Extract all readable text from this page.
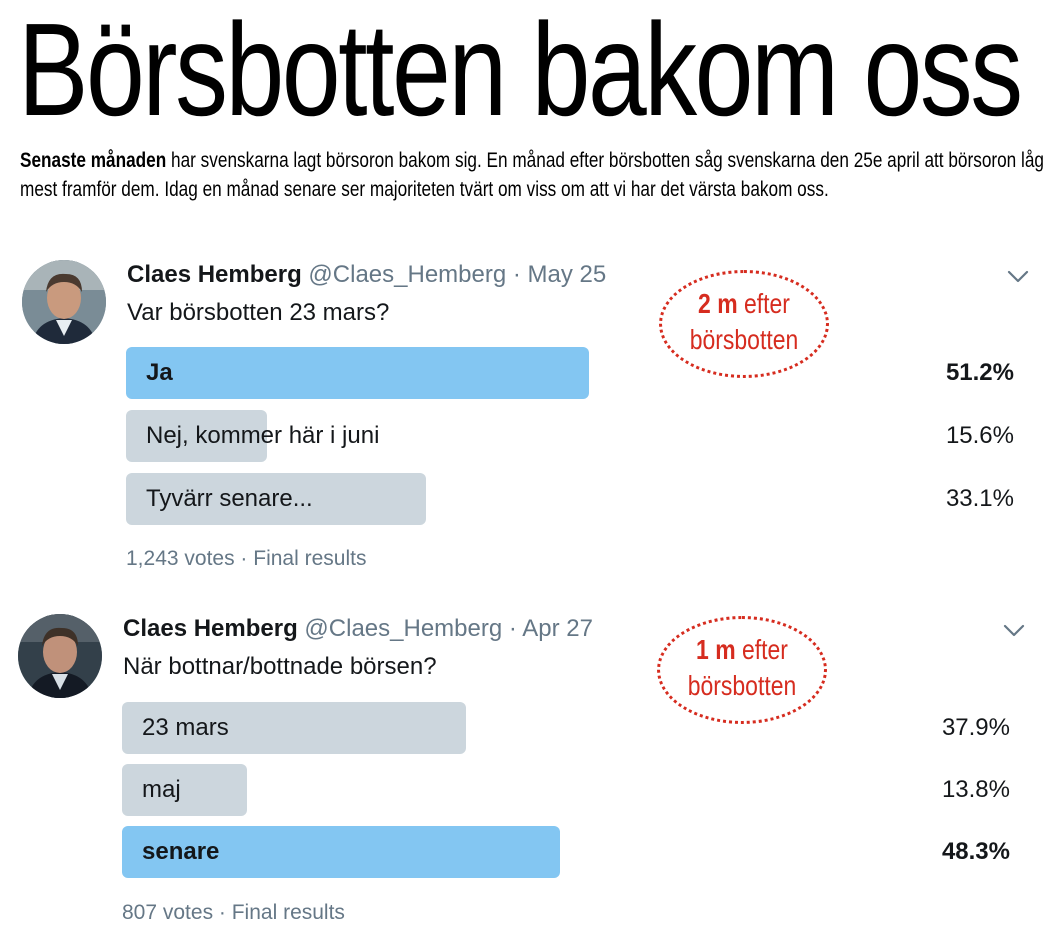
Börsbotten bakom oss
Senaste månaden har svenskarna lagt börsoron bakom sig. En månad efter börsbotten såg svenskarna den 25e april att börsoron låg mest framför dem. Idag en månad senare ser majoriteten tvärt om viss om att vi har det värsta bakom oss.
Claes Hemberg @Claes_Hemberg · May 25
Var börsbotten 23 mars?
Ja	51.2%
Nej, kommer här i juni	15.6%
Tyvärr senare...	33.1%
1,243 votes · Final results
2 m efter
börsbotten
Claes Hemberg @Claes_Hemberg · Apr 27
När bottnar/bottnade börsen?
23 mars	37.9%
maj	13.8%
senare	48.3%
807 votes · Final results
1 m efter
börsbotten
